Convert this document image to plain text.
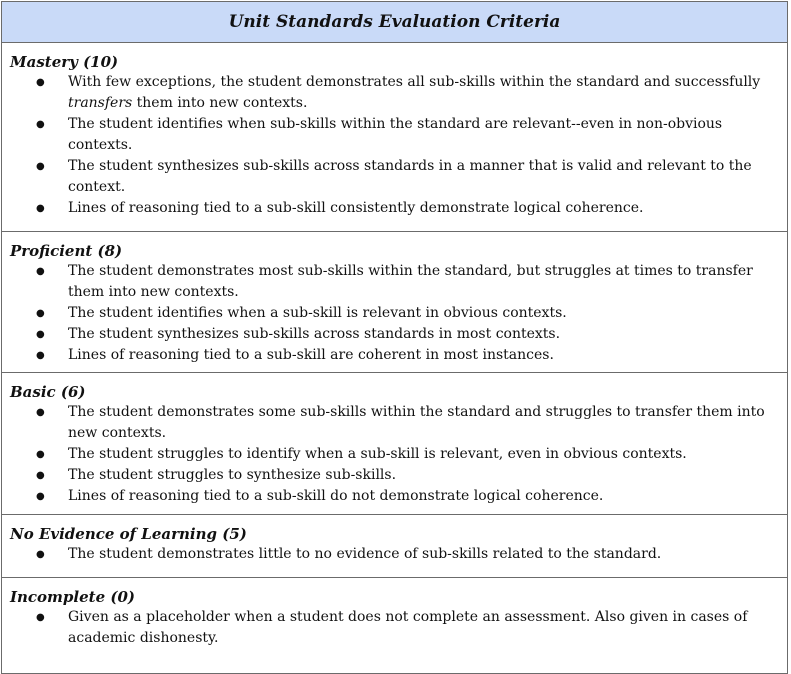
Unit Standards Evaluation Criteria

Mastery (10)

● With few exceptions, the student demonstrates all sub-skills within the standard and successfully transfers them into new contexts.
● The student identifies when sub-skills within the standard are relevant--even in non-obvious contexts.
● The student synthesizes sub-skills across standards in a manner that is valid and relevant to the context.
● Lines of reasoning tied to a sub-skill consistently demonstrate logical coherence.

Proficient (8)

● The student demonstrates most sub-skills within the standard, but struggles at times to transfer them into new contexts.
● The student identifies when a sub-skill is relevant in obvious contexts.
● The student synthesizes sub-skills across standards in most contexts.
● Lines of reasoning tied to a sub-skill are coherent in most instances.

Basic (6)

● The student demonstrates some sub-skills within the standard and struggles to transfer them into new contexts.
● The student struggles to identify when a sub-skill is relevant, even in obvious contexts.
● The student struggles to synthesize sub-skills.
● Lines of reasoning tied to a sub-skill do not demonstrate logical coherence.

No Evidence of Learning (5)

● The student demonstrates little to no evidence of sub-skills related to the standard.

Incomplete (0)

● Given as a placeholder when a student does not complete an assessment. Also given in cases of academic dishonesty.
